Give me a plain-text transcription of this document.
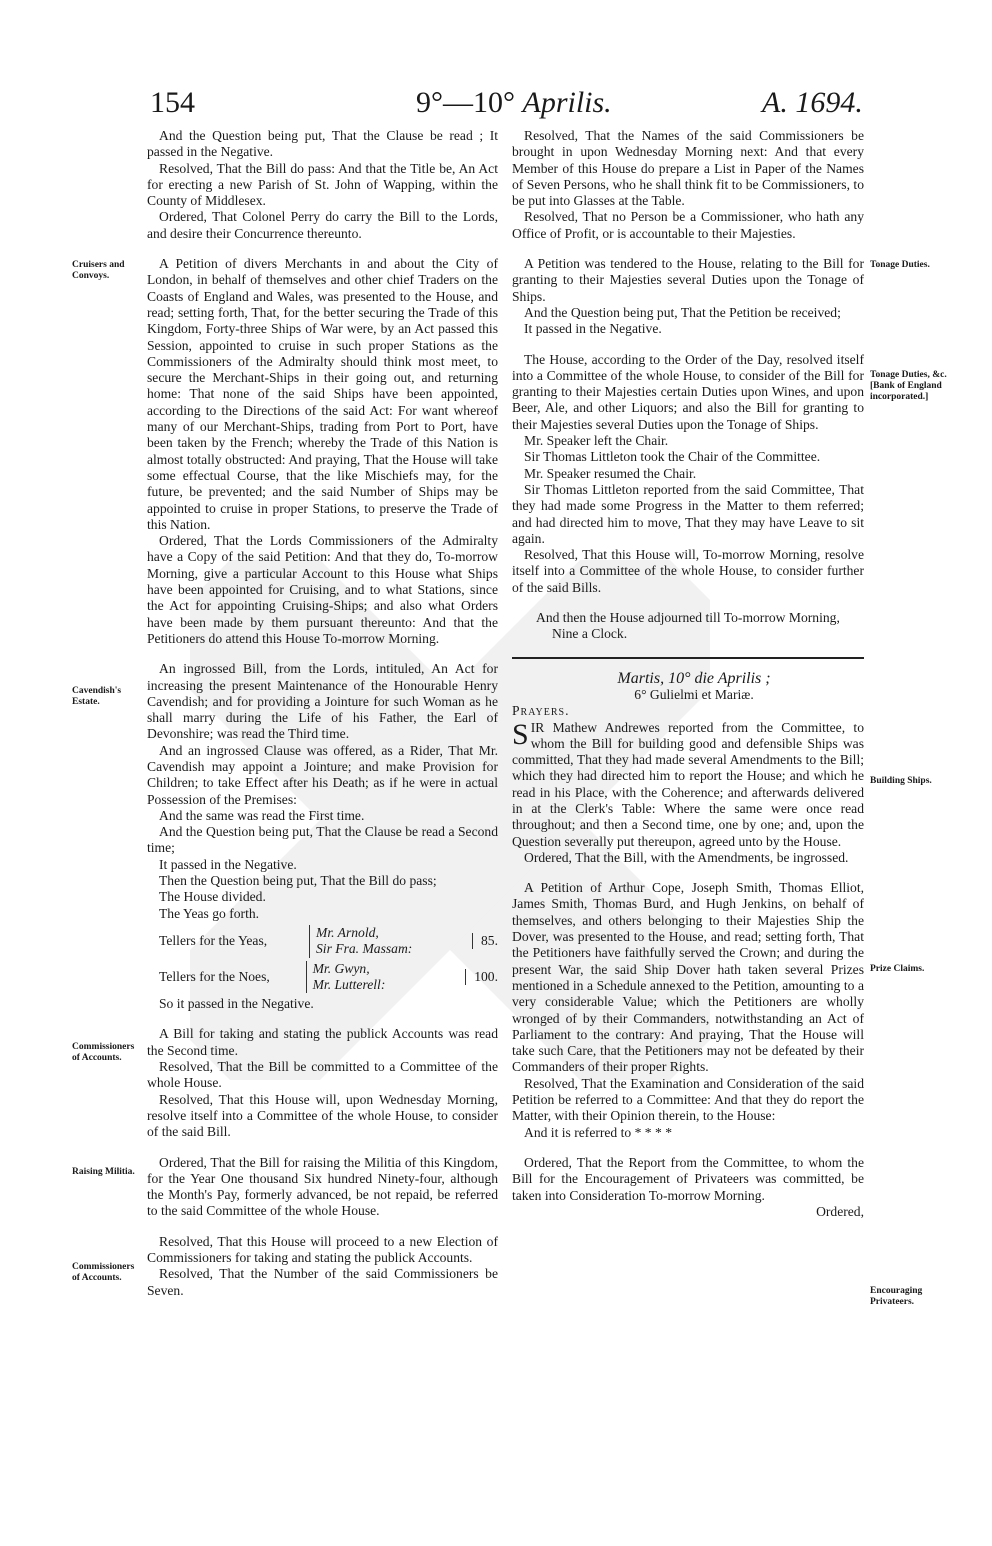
154	9°—10° Aprilis.	A. 1694.
Cruisers and Convoys.
Cavendish's Estate.
Commissioners of Accounts.
Raising Militia.
Commissioners of Accounts.
Tonage Duties.
Tonage Duties, &c. [Bank of England incorporated.]
Building Ships.
Prize Claims.
Encouraging Privateers.

And the Question being put, That the Clause be read ; It passed in the Negative.

Resolved, That the Bill do pass: And that the Title be, An Act for erecting a new Parish of St. John of Wapping, within the County of Middlesex.

Ordered, That Colonel Perry do carry the Bill to the Lords, and desire their Concurrence thereunto.

A Petition of divers Merchants in and about the City of London, in behalf of themselves and other chief Traders on the Coasts of England and Wales, was presented to the House, and read; setting forth, That, for the better securing the Trade of this Kingdom, Forty-three Ships of War were, by an Act passed this Session, appointed to cruise in such proper Stations as the Commissioners of the Admiralty should think most meet, to secure the Merchant-Ships in their going out, and returning home: That none of the said Ships have been appointed, according to the Directions of the said Act: For want whereof many of our Merchant-Ships, trading from Port to Port, have been taken by the French; whereby the Trade of this Nation is almost totally obstructed: And praying, That the House will take some effectual Course, that the like Mischiefs may, for the future, be prevented; and the said Number of Ships may be appointed to cruise in proper Stations, to preserve the Trade of this Nation.

Ordered, That the Lords Commissioners of the Admiralty have a Copy of the said Petition: And that they do, To-morrow Morning, give a particular Account to this House what Ships have been appointed for Cruising, and to what Stations, since the Act for appointing Cruising-Ships; and also what Orders have been made by them pursuant thereunto: And that the Petitioners do attend this House To-morrow Morning.

An ingrossed Bill, from the Lords, intituled, An Act for increasing the present Maintenance of the Honourable Henry Cavendish; and for providing a Jointure for such Woman as he shall marry during the Life of his Father, the Earl of Devonshire; was read the Third time.

And an ingrossed Clause was offered, as a Rider, That Mr. Cavendish may appoint a Jointure; and make Provision for Children; to take Effect after his Death; as if he were in actual Possession of the Premises:

And the same was read the First time.

And the Question being put, That the Clause be read a Second time;

It passed in the Negative.

Then the Question being put, That the Bill do pass;

The House divided.

The Yeas go forth.

Tellers for the Yeas,
Mr. Arnold,
Sir Fra. Massam:
85.
Tellers for the Noes,
Mr. Gwyn,
Mr. Lutterell:
100.

So it passed in the Negative.

A Bill for taking and stating the publick Accounts was read the Second time.

Resolved, That the Bill be committed to a Committee of the whole House.

Resolved, That this House will, upon Wednesday Morning, resolve itself into a Committee of the whole House, to consider of the said Bill.

Ordered, That the Bill for raising the Militia of this Kingdom, for the Year One thousand Six hundred Ninety-four, although the Month's Pay, formerly advanced, be not repaid, be referred to the said Committee of the whole House.

Resolved, That this House will proceed to a new Election of Commissioners for taking and stating the publick Accounts.

Resolved, That the Number of the said Commissioners be Seven.

Resolved, That the Names of the said Commissioners be brought in upon Wednesday Morning next: And that every Member of this House do prepare a List in Paper of the Names of Seven Persons, who he shall think fit to be Commissioners, to be put into Glasses at the Table.

Resolved, That no Person be a Commissioner, who hath any Office of Profit, or is accountable to their Majesties.

A Petition was tendered to the House, relating to the Bill for granting to their Majesties several Duties upon the Tonage of Ships.

And the Question being put, That the Petition be received;

It passed in the Negative.

The House, according to the Order of the Day, resolved itself into a Committee of the whole House, to consider of the Bill for granting to their Majesties certain Duties upon Wines, and upon Beer, Ale, and other Liquors; and also the Bill for granting to their Majesties several Duties upon the Tonage of Ships.

Mr. Speaker left the Chair.

Sir Thomas Littleton took the Chair of the Committee.

Mr. Speaker resumed the Chair.

Sir Thomas Littleton reported from the said Committee, That they had made some Progress in the Matter to them referred; and had directed him to move, That they may have Leave to sit again.

Resolved, That this House will, To-morrow Morning, resolve itself into a Committee of the whole House, to consider further of the said Bills.

And then the House adjourned till To-morrow Morning, Nine a Clock.

Martis, 10° die Aprilis ;

6° Gulielmi et Mariæ.

Prayers.

SIR Mathew Andrewes reported from the Committee, to whom the Bill for building good and defensible Ships was committed, That they had made several Amendments to the Bill; which they had directed him to report the House; and which he read in his Place, with the Coherence; and afterwards delivered in at the Clerk's Table: Where the same were once read throughout; and then a Second time, one by one; and, upon the Question severally put thereupon, agreed unto by the House.

Ordered, That the Bill, with the Amendments, be ingrossed.

A Petition of Arthur Cope, Joseph Smith, Thomas Elliot, James Smith, Thomas Burd, and Hugh Jenkins, on behalf of themselves, and others belonging to their Majesties Ship the Dover, was presented to the House, and read; setting forth, That the Petitioners have faithfully served the Crown; and during the present War, the said Ship Dover hath taken several Prizes mentioned in a Schedule annexed to the Petition, amounting to a very considerable Value; which the Petitioners are wholly wronged of by their Commanders, notwithstanding an Act of Parliament to the contrary: And praying, That the House will take such Care, that the Petitioners may not be defeated by their Commanders of their proper Rights.

Resolved, That the Examination and Consideration of the said Petition be referred to a Committee: And that they do report the Matter, with their Opinion therein, to the House:

And it is referred to * * * *

Ordered, That the Report from the Committee, to whom the Bill for the Encouragement of Privateers was committed, be taken into Consideration To-morrow Morning.

Ordered,
